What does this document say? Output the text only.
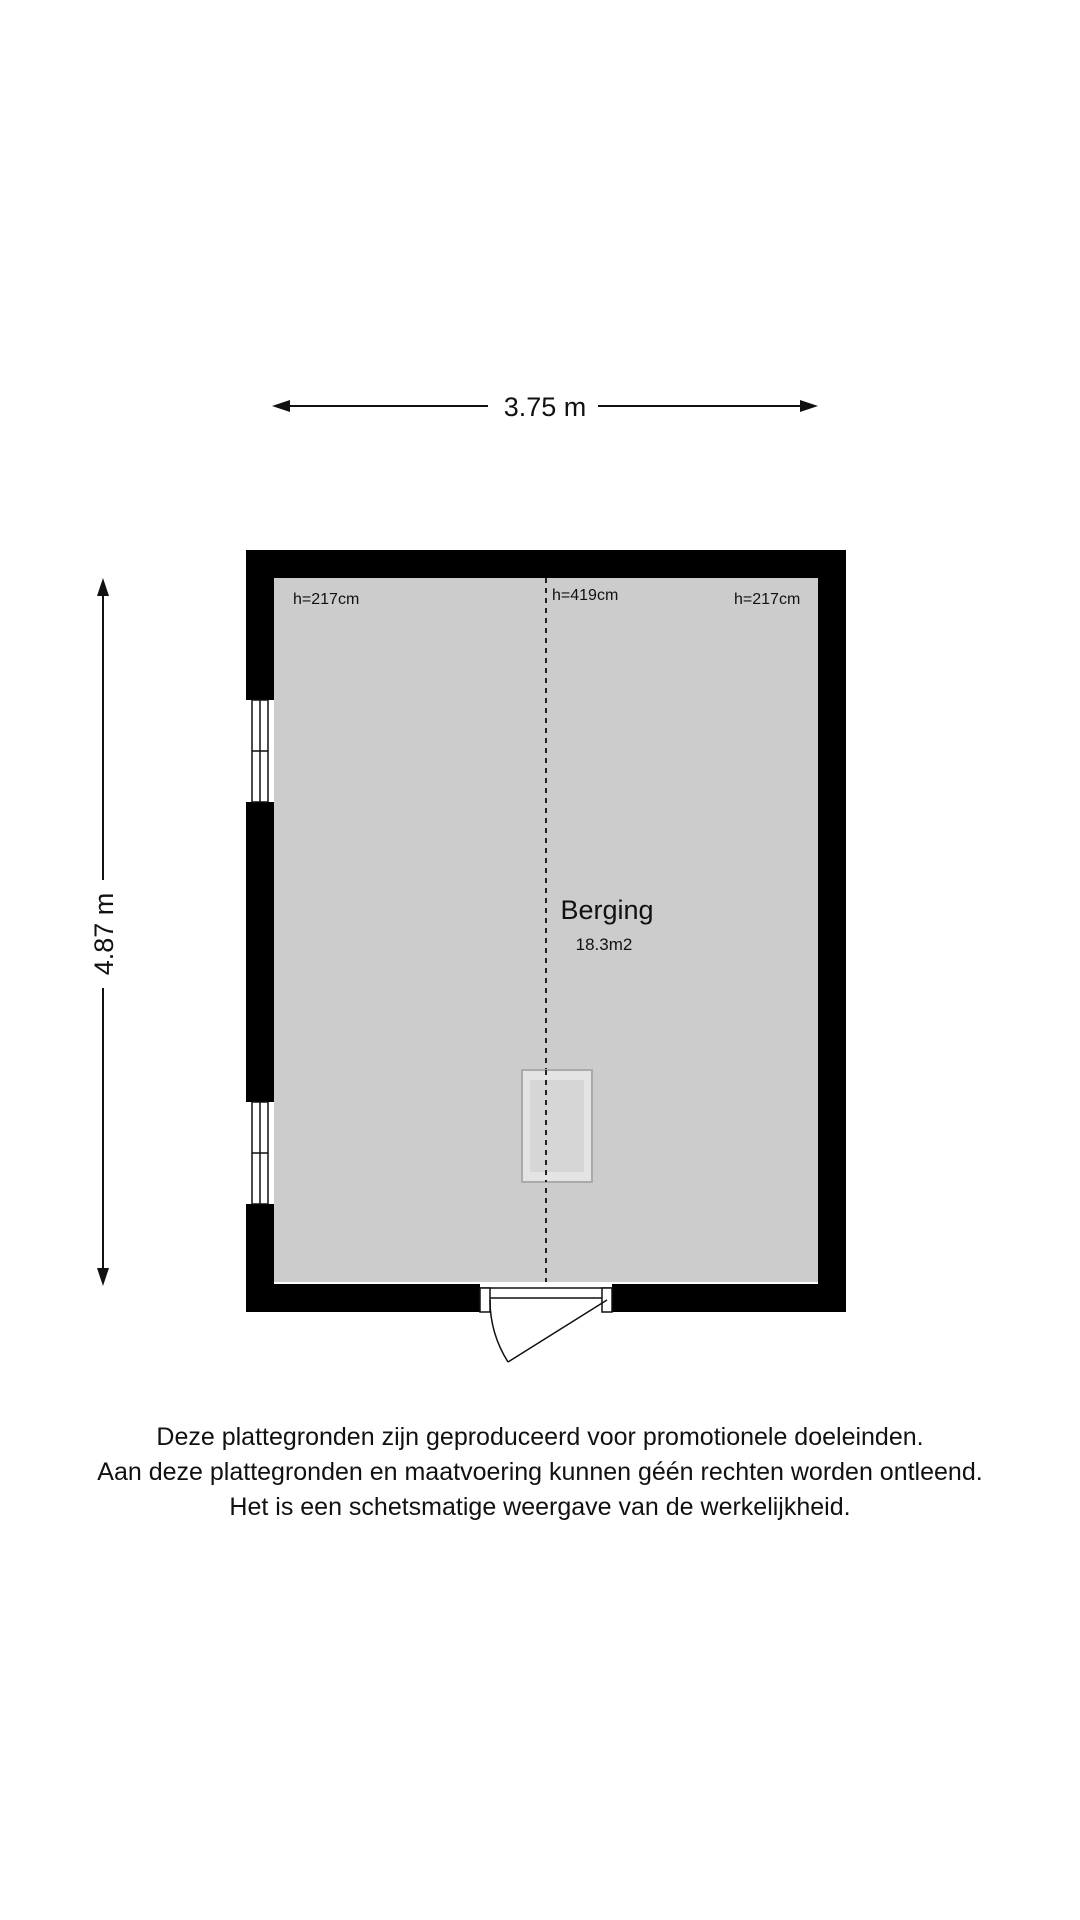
3.75 m
4.87 m
h=217cm	h=419cm	h=217cm
Berging
18.3m2
Deze plattegronden zijn geproduceerd voor promotionele doeleinden.
Aan deze plattegronden en maatvoering kunnen géén rechten worden ontleend.
Het is een schetsmatige weergave van de werkelijkheid.
